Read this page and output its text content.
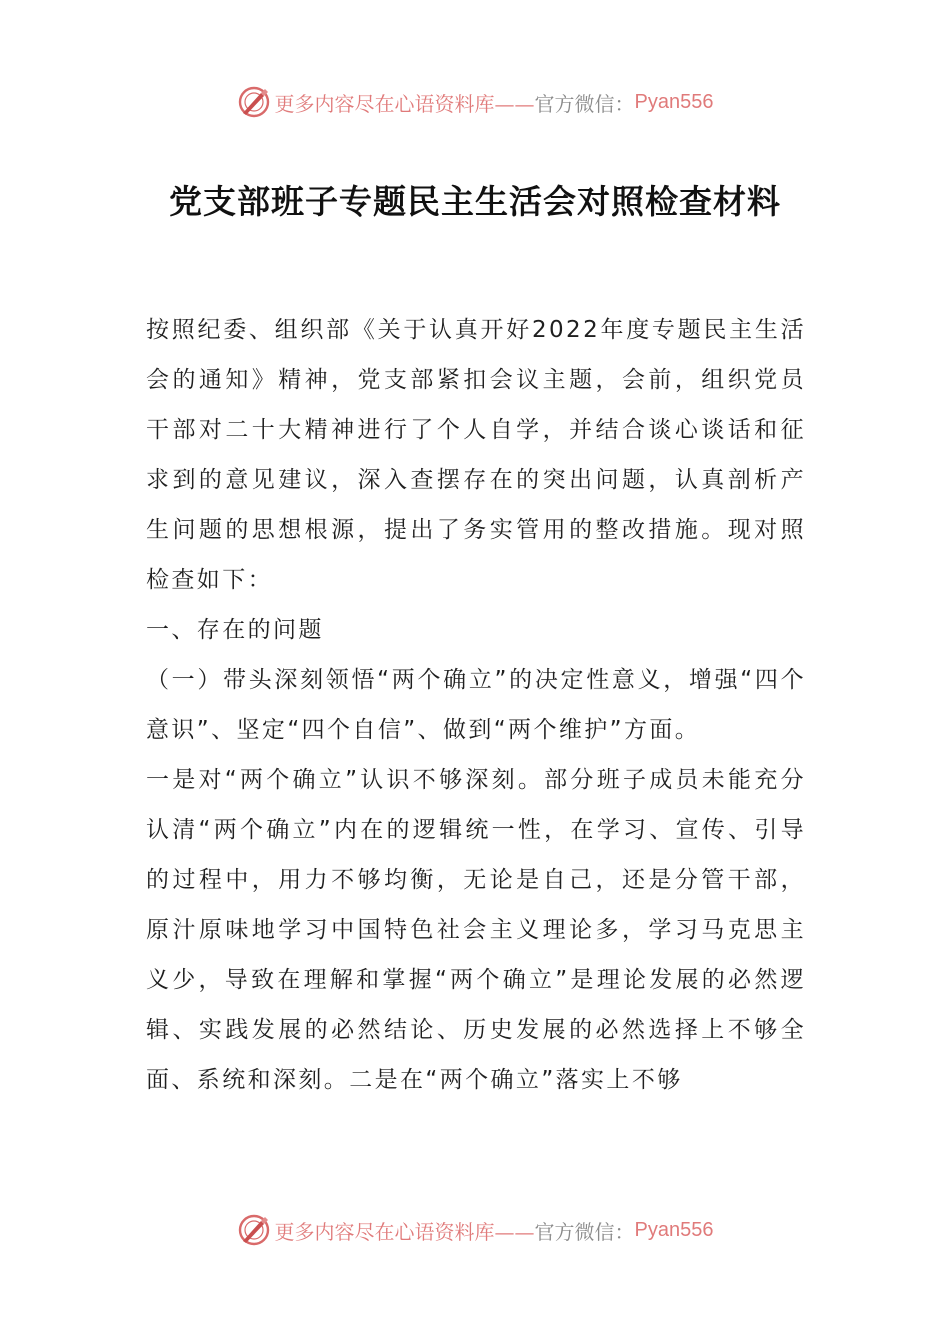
更多内容尽在心语资料库—— 官方微信： Pyan556
党支部班子专题民主生活会对照检查材料

按照纪委、组织部《关于认真开好2022年度专题民主生活会的通知》精神，党支部紧扣会议主题，会前，组织党员干部对二十大精神进行了个人自学，并结合谈心谈话和征求到的意见建议，深入查摆存在的突出问题，认真剖析产生问题的思想根源，提出了务实管用的整改措施。现对照检查如下：

一、存在的问题

（一）带头深刻领悟“两个确立”的决定性意义，增强“四个意识”、坚定“四个自信”、做到“两个维护”方面。

一是对“两个确立”认识不够深刻。部分班子成员未能充分认清“两个确立”内在的逻辑统一性，在学习、宣传、引导的过程中，用力不够均衡，无论是自己，还是分管干部，原汁原味地学习中国特色社会主义理论多，学习马克思主义少，导致在理解和掌握“两个确立”是理论发展的必然逻辑、实践发展的必然结论、历史发展的必然选择上不够全面、系统和深刻。二是在“两个确立”落实上不够

更多内容尽在心语资料库—— 官方微信： Pyan556
